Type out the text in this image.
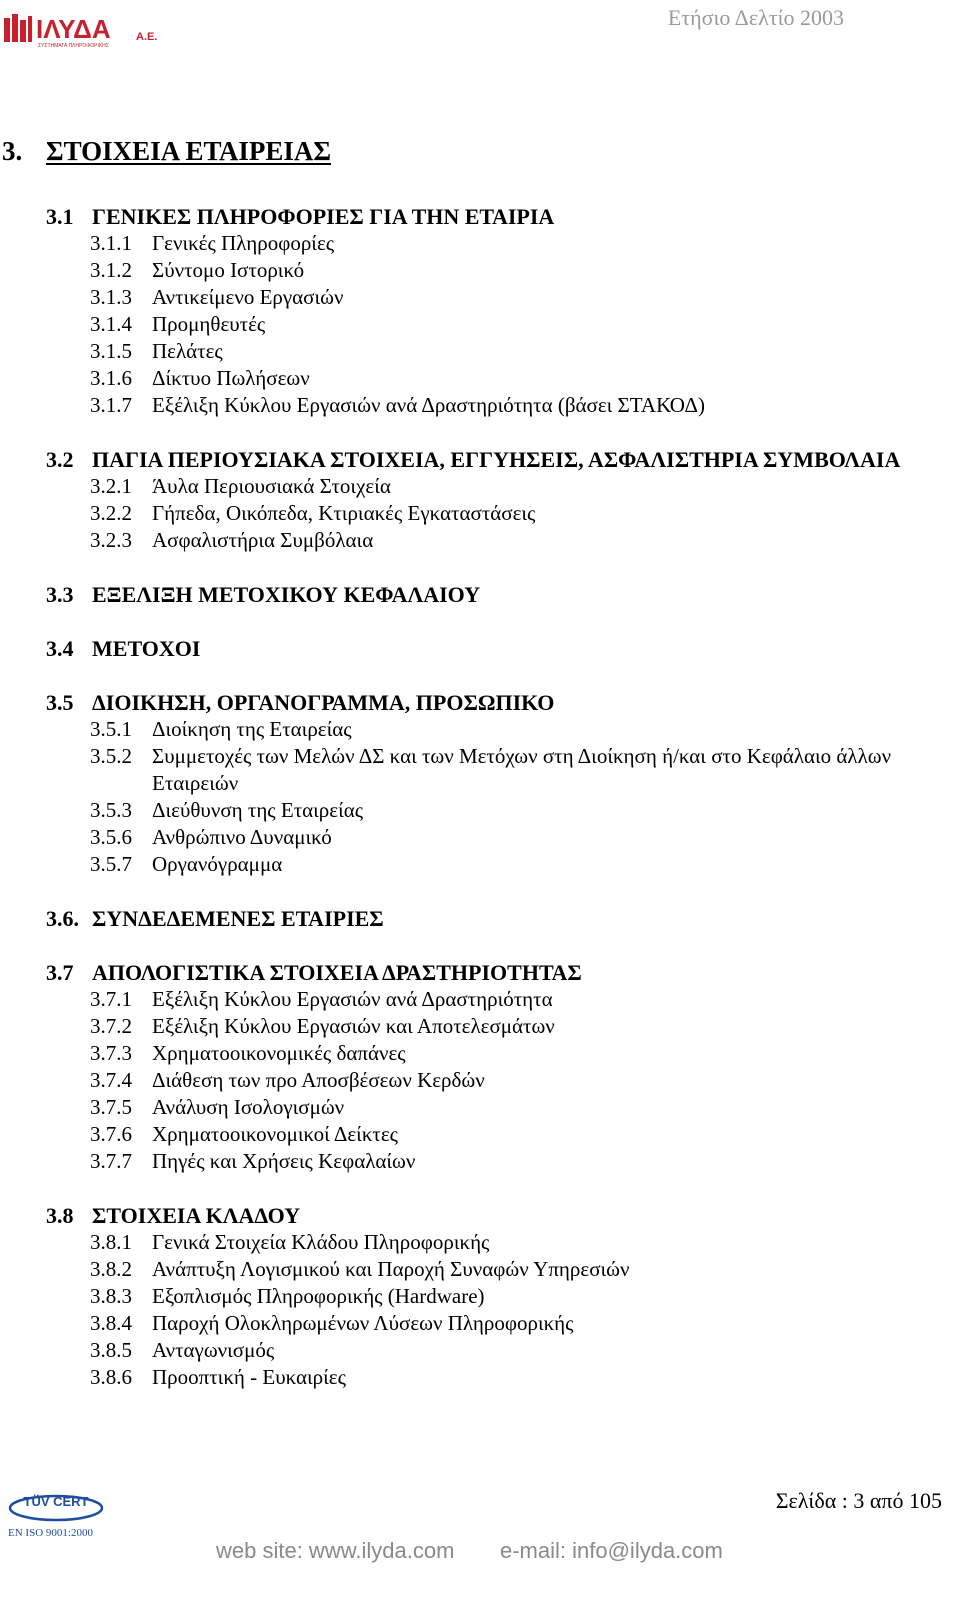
ΙΛΥΔΑ Α.Ε.
ΣΥΣΤΗΜΑΤΑ ΠΛΗΡΟΦΟΡΙΚΗΣ
Ετήσιο Δελτίο 2003
3. ΣΤΟΙΧΕΙΑ ΕΤΑΙΡΕΙΑΣ
3.1 ΓΕΝΙΚΕΣ ΠΛΗΡΟΦΟΡΙΕΣ ΓΙΑ ΤΗΝ ΕΤΑΙΡΙΑ
3.1.1 Γενικές Πληροφορίες
3.1.2 Σύντομο Ιστορικό
3.1.3 Αντικείμενο Εργασιών
3.1.4 Προμηθευτές
3.1.5 Πελάτες
3.1.6 Δίκτυο Πωλήσεων
3.1.7 Εξέλιξη Κύκλου Εργασιών ανά Δραστηριότητα (βάσει ΣΤΑΚΟΔ)
3.2 ΠΑΓΙΑ ΠΕΡΙΟΥΣΙΑΚΑ ΣΤΟΙΧΕΙΑ, ΕΓΓΥΗΣΕΙΣ, ΑΣΦΑΛΙΣΤΗΡΙΑ ΣΥΜΒΟΛΑΙΑ
3.2.1 Άυλα Περιουσιακά Στοιχεία
3.2.2 Γήπεδα, Οικόπεδα, Κτιριακές Εγκαταστάσεις
3.2.3 Ασφαλιστήρια Συμβόλαια
3.3 ΕΞΕΛΙΞΗ ΜΕΤΟΧΙΚΟΥ ΚΕΦΑΛΑΙΟΥ
3.4 ΜΕΤΟΧΟΙ
3.5 ΔΙΟΙΚΗΣΗ, ΟΡΓΑΝΟΓΡΑΜΜΑ, ΠΡΟΣΩΠΙΚΟ
3.5.1 Διοίκηση της Εταιρείας
3.5.2 Συμμετοχές των Μελών ΔΣ και των Μετόχων στη Διοίκηση ή/και στο Κεφάλαιο άλλων Εταιρειών
3.5.3 Διεύθυνση της Εταιρείας
3.5.6 Ανθρώπινο Δυναμικό
3.5.7 Οργανόγραμμα
3.6. ΣΥΝΔΕΔΕΜΕΝΕΣ ΕΤΑΙΡΙΕΣ
3.7 ΑΠΟΛΟΓΙΣΤΙΚΑ ΣΤΟΙΧΕΙΑ ΔΡΑΣΤΗΡΙΟΤΗΤΑΣ
3.7.1 Εξέλιξη Κύκλου Εργασιών ανά Δραστηριότητα
3.7.2 Εξέλιξη Κύκλου Εργασιών και Αποτελεσμάτων
3.7.3 Χρηματοοικονομικές δαπάνες
3.7.4 Διάθεση των προ Αποσβέσεων Κερδών
3.7.5 Ανάλυση Ισολογισμών
3.7.6 Χρηματοοικονομικοί Δείκτες
3.7.7 Πηγές και Χρήσεις Κεφαλαίων
3.8 ΣΤΟΙΧΕΙΑ ΚΛΑΔΟΥ
3.8.1 Γενικά Στοιχεία Κλάδου Πληροφορικής
3.8.2 Ανάπτυξη Λογισμικού και Παροχή Συναφών Υπηρεσιών
3.8.3 Εξοπλισμός Πληροφορικής (Hardware)
3.8.4 Παροχή Ολοκληρωμένων Λύσεων Πληροφορικής
3.8.5 Ανταγωνισμός
3.8.6 Προοπτική - Ευκαιρίες
TÜV CERT
EN ISO 9001:2000
Σελίδα : 3 από 105
web site: www.ilyda.com e-mail: info@ilyda.com
